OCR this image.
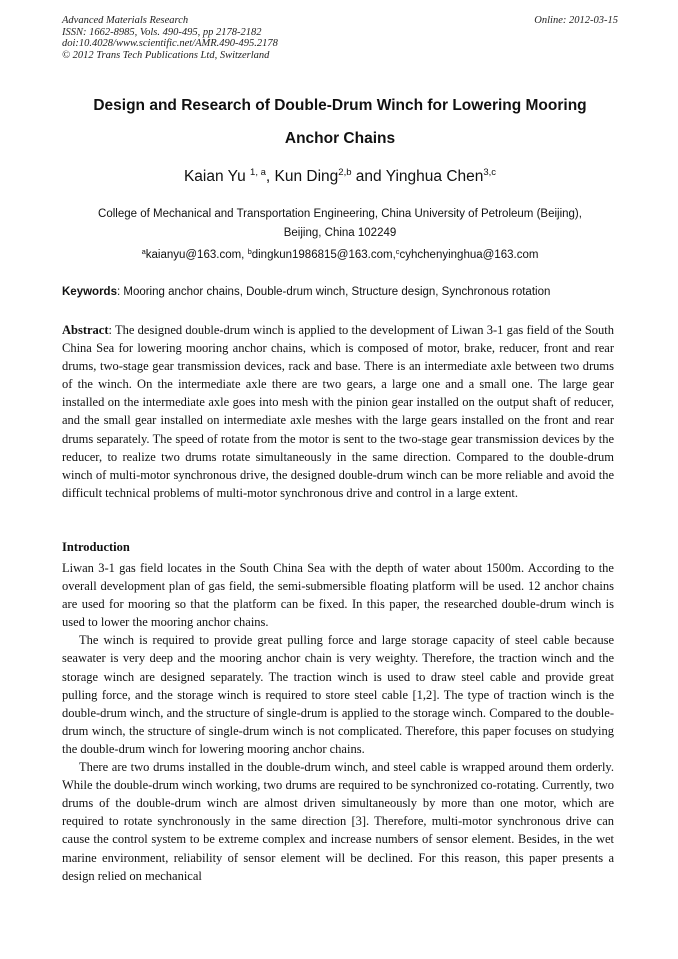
Advanced Materials Research
ISSN: 1662-8985, Vols. 490-495, pp 2178-2182
doi:10.4028/www.scientific.net/AMR.490-495.2178
© 2012 Trans Tech Publications Ltd, Switzerland
Online: 2012-03-15
Design and Research of Double-Drum Winch for Lowering Mooring
Anchor Chains
Kaian Yu $^{1, a}$, Kun Ding$^{2,b}$ and Yinghua Chen$^{3,c}$
College of Mechanical and Transportation Engineering, China University of Petroleum (Beijing),
Beijing, China 102249
$^a$kaianyu@163.com, $^b$dingkun1986815@163.com,$^c$cyhchenyinghua@163.com
Keywords: Mooring anchor chains, Double-drum winch, Structure design, Synchronous rotation
Abstract: The designed double-drum winch is applied to the development of Liwan 3-1 gas field of the South China Sea for lowering mooring anchor chains, which is composed of motor, brake, reducer, front and rear drums, two-stage gear transmission devices, rack and base. There is an intermediate axle between two drums of the winch. On the intermediate axle there are two gears, a large one and a small one. The large gear installed on the intermediate axle goes into mesh with the pinion gear installed on the output shaft of reducer, and the small gear installed on intermediate axle meshes with the large gears installed on the front and rear drums separately. The speed of rotate from the motor is sent to the two-stage gear transmission devices by the reducer, to realize two drums rotate simultaneously in the same direction. Compared to the double-drum winch of multi-motor synchronous drive, the designed double-drum winch can be more reliable and avoid the difficult technical problems of multi-motor synchronous drive and control in a large extent.
Introduction

Liwan 3-1 gas field locates in the South China Sea with the depth of water about 1500m. According to the overall development plan of gas field, the semi-submersible floating platform will be used. 12 anchor chains are used for mooring so that the platform can be fixed. In this paper, the researched double-drum winch is used to lower the mooring anchor chains.

The winch is required to provide great pulling force and large storage capacity of steel cable because seawater is very deep and the mooring anchor chain is very weighty. Therefore, the traction winch and the storage winch are designed separately. The traction winch is used to draw steel cable and provide great pulling force, and the storage winch is required to store steel cable [1,2]. The type of traction winch is the double-drum winch, and the structure of single-drum is applied to the storage winch. Compared to the double-drum winch, the structure of single-drum winch is not complicated. Therefore, this paper focuses on studying the double-drum winch for lowering mooring anchor chains.

There are two drums installed in the double-drum winch, and steel cable is wrapped around them orderly. While the double-drum winch working, two drums are required to be synchronized co-rotating. Currently, two drums of the double-drum winch are almost driven simultaneously by more than one motor, which are required to rotate synchronously in the same direction [3]. Therefore, multi-motor synchronous drive can cause the control system to be extreme complex and increase numbers of sensor element. Besides, in the wet marine environment, reliability of sensor element will be declined. For this reason, this paper presents a design relied on mechanical
